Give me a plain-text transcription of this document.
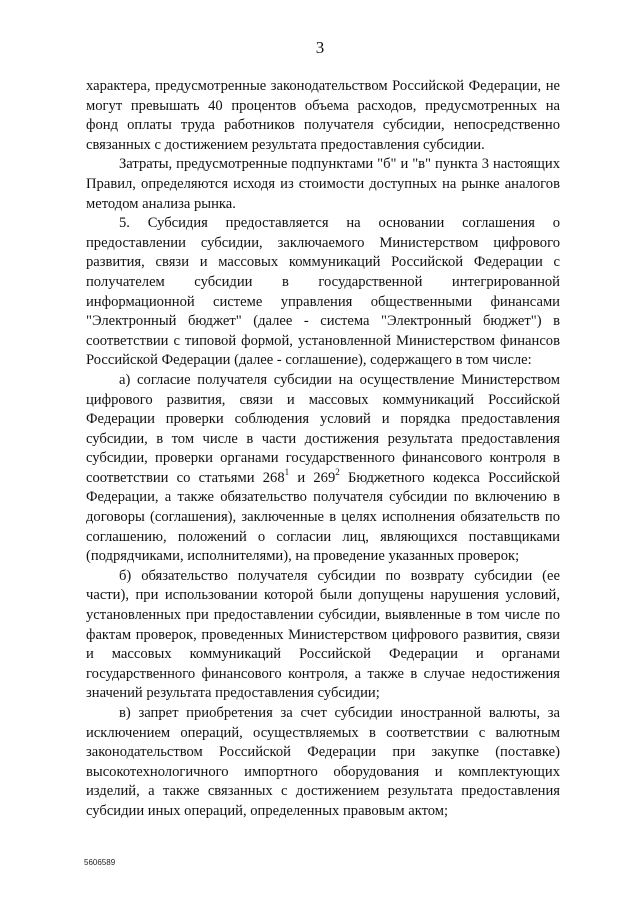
3

характера, предусмотренные законодательством Российской Федерации, не могут превышать 40 процентов объема расходов, предусмотренных на фонд оплаты труда работников получателя субсидии, непосредственно связанных с достижением результата предоставления субсидии.

Затраты, предусмотренные подпунктами "б" и "в" пункта 3 настоящих Правил, определяются исходя из стоимости доступных на рынке аналогов методом анализа рынка.

5. Субсидия предоставляется на основании соглашения о предоставлении субсидии, заключаемого Министерством цифрового развития, связи и массовых коммуникаций Российской Федерации с получателем субсидии в государственной интегрированной информационной системе управления общественными финансами "Электронный бюджет" (далее - система "Электронный бюджет") в соответствии с типовой формой, установленной Министерством финансов Российской Федерации (далее - соглашение), содержащего в том числе:

а) согласие получателя субсидии на осуществление Министерством цифрового развития, связи и массовых коммуникаций Российской Федерации проверки соблюдения условий и порядка предоставления субсидии, в том числе в части достижения результата предоставления субсидии, проверки органами государственного финансового контроля в соответствии со статьями $268^1$ и $269^2$ Бюджетного кодекса Российской Федерации, а также обязательство получателя субсидии по включению в договоры (соглашения), заключенные в целях исполнения обязательств по соглашению, положений о согласии лиц, являющихся поставщиками (подрядчиками, исполнителями), на проведение указанных проверок;

б) обязательство получателя субсидии по возврату субсидии (ее части), при использовании которой были допущены нарушения условий, установленных при предоставлении субсидии, выявленные в том числе по фактам проверок, проведенных Министерством цифрового развития, связи и массовых коммуникаций Российской Федерации и органами государственного финансового контроля, а также в случае недостижения значений результата предоставления субсидии;

в) запрет приобретения за счет субсидии иностранной валюты, за исключением операций, осуществляемых в соответствии с валютным законодательством Российской Федерации при закупке (поставке) высокотехнологичного импортного оборудования и комплектующих изделий, а также связанных с достижением результата предоставления субсидии иных операций, определенных правовым актом;

5606589
